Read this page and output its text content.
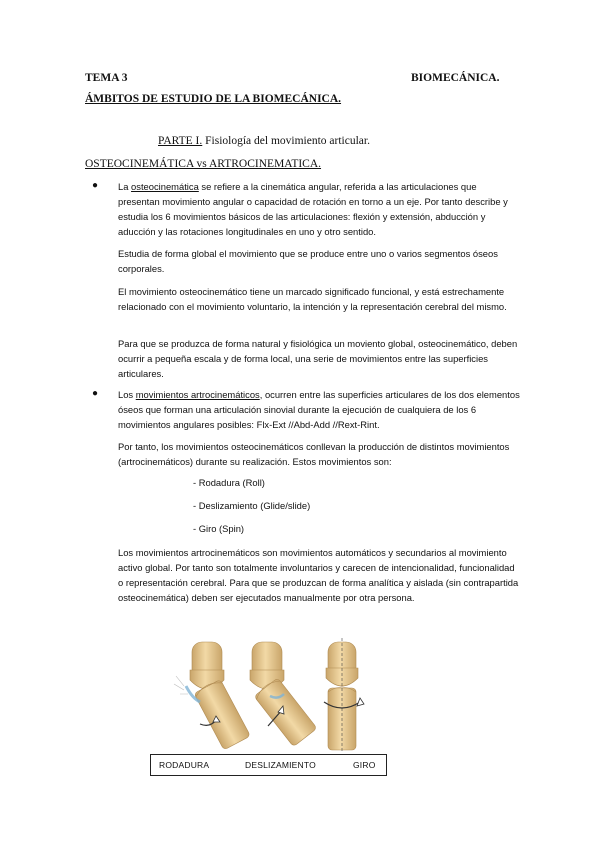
TEMA 3	BIOMECÁNICA.
ÁMBITOS DE ESTUDIO DE LA BIOMECÁNICA.
PARTE I. Fisiología del movimiento articular.
OSTEOCINEMÁTICA vs ARTROCINEMATICA.
● La osteocinemática se refiere a la cinemática angular, referida a las articulaciones que presentan movimiento angular o capacidad de rotación en torno a un eje. Por tanto describe y estudia los 6 movimientos básicos de las articulaciones: flexión y extensión, abducción y aducción y las rotaciones longitudinales en uno y otro sentido.
Estudia de forma global el movimiento que se produce entre uno o varios segmentos óseos corporales.
El movimiento osteocinemático tiene un marcado significado funcional, y está estrechamente relacionado con el movimiento voluntario, la intención y la representación cerebral del mismo.
Para que se produzca de forma natural y fisiológica un moviento global, osteocinemático, deben ocurrir a pequeña escala y de forma local, una serie de movimientos entre las superficies articulares.
● Los movimientos artrocinemáticos, ocurren entre las superficies articulares de los dos elementos óseos que forman una articulación sinovial durante la ejecución de cualquiera de los 6 movimientos angulares posibles: Flx-Ext //Abd-Add //Rext-Rint.
Por tanto, los movimientos osteocinemáticos conllevan la producción de distintos movimientos (artrocinemáticos) durante su realización. Estos movimientos son:
- Rodadura (Roll)
- Deslizamiento (Glide/slide)
- Giro (Spin)
Los movimientos artrocinemáticos son movimientos automáticos y secundarios al movimiento activo global. Por tanto son totalmente involuntarios y carecen de intencionalidad, funcionalidad o representación cerebral. Para que se produzcan de forma analítica y aislada (sin contrapartida osteocinemática) deben ser ejecutados manualmente por otra persona.
RODADURA	DESLIZAMIENTO	GIRO
